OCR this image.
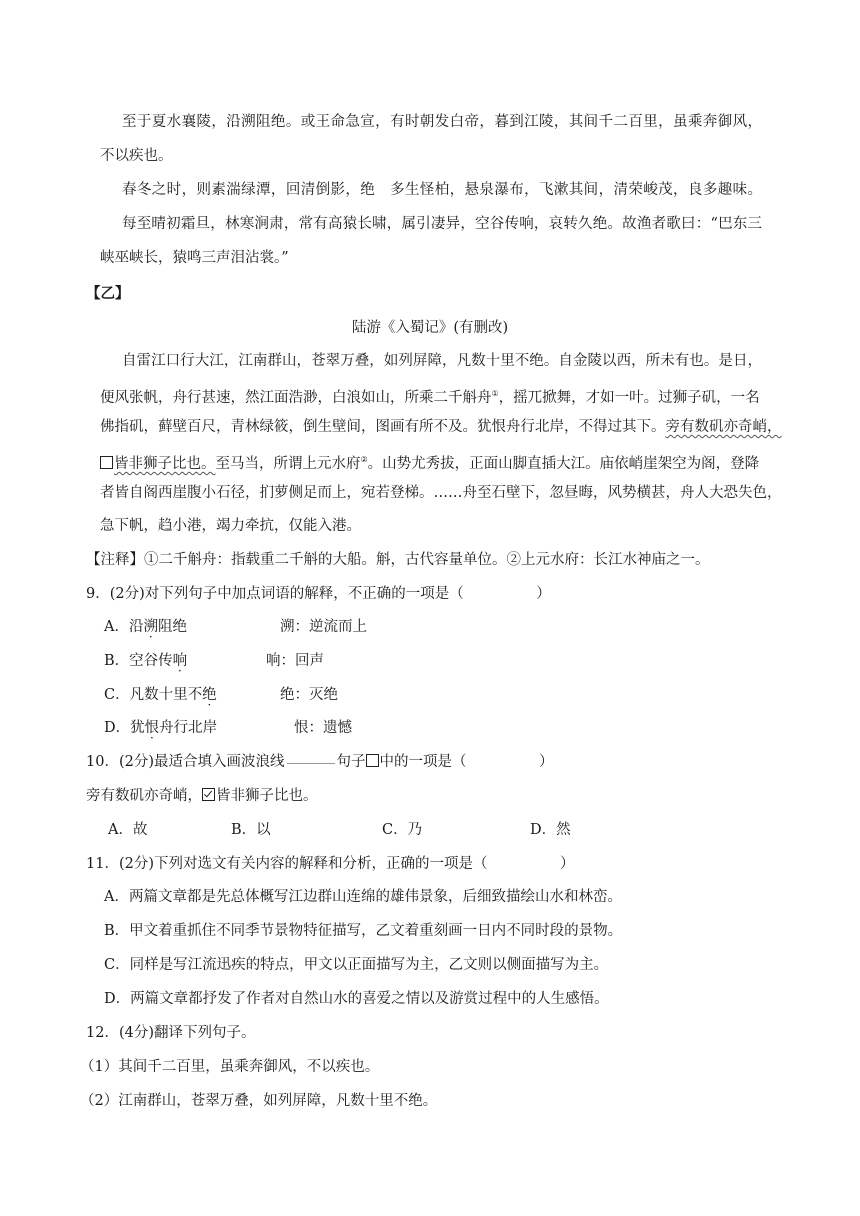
至于夏水襄陵，沿溯阻绝。或王命急宣，有时朝发白帝，暮到江陵，其间千二百里，虽乘奔御风，
不以疾也。
春冬之时，则素湍绿潭，回清倒影，绝　多生怪柏，悬泉瀑布，飞漱其间，清荣峻茂，良多趣味。
每至晴初霜旦，林寒涧肃，常有高猿长啸，属引凄异，空谷传响，哀转久绝。故渔者歌曰：“巴东三
峡巫峡长，猿鸣三声泪沾裳。”
【乙】
陆游《入蜀记》(有删改)
自雷江口行大江，江南群山，苍翠万叠，如列屏障，凡数十里不绝。自金陵以西，所未有也。是日，
便风张帆，舟行甚速，然江面浩渺，白浪如山，所乘二千斛舟①，摇兀掀舞，才如一叶。过狮子矶，一名
佛指矶，藓壁百尺，青林绿筱，倒生壁间，图画有所不及。犹恨舟行北岸，不得过其下。旁有数矶亦奇峭，
皆非狮子比也。至马当，所谓上元水府②。山势尤秀拔，正面山脚直插大江。庙依峭崖架空为阁，登降
者皆自阁西崖腹小石径，扪萝侧足而上，宛若登梯。……舟至石壁下，忽昼晦，风势横甚，舟人大恐失色，
急下帆，趋小港，竭力牵抗，仅能入港。
【注释】①二千斛舟：指载重二千斛的大船。斛，古代容量单位。②上元水府：长江水神庙之一。
9．(2分)对下列句子中加点词语的解释，不正确的一项是（　　　　　）
A．沿溯阻绝	溯：逆流而上
B．空谷传响	响：回声
C．凡数十里不绝	绝：灭绝
D．犹恨舟行北岸	恨：遗憾
10．(2分)最适合填入画波浪线	句子 中的一项是（　　　　　）
旁有数矶亦奇峭， 皆非狮子比也。
A．故	B．以	C．乃	D．然
11．(2分)下列对选文有关内容的解释和分析，正确的一项是（　　　　　）
A．两篇文章都是先总体概写江边群山连绵的雄伟景象，后细致描绘山水和林峦。
B．甲文着重抓住不同季节景物特征描写，乙文着重刻画一日内不同时段的景物。
C．同样是写江流迅疾的特点，甲文以正面描写为主，乙文则以侧面描写为主。
D．两篇文章都抒发了作者对自然山水的喜爱之情以及游赏过程中的人生感悟。
12．(4分)翻译下列句子。
（1）其间千二百里，虽乘奔御风，不以疾也。
（2）江南群山，苍翠万叠，如列屏障，凡数十里不绝。
